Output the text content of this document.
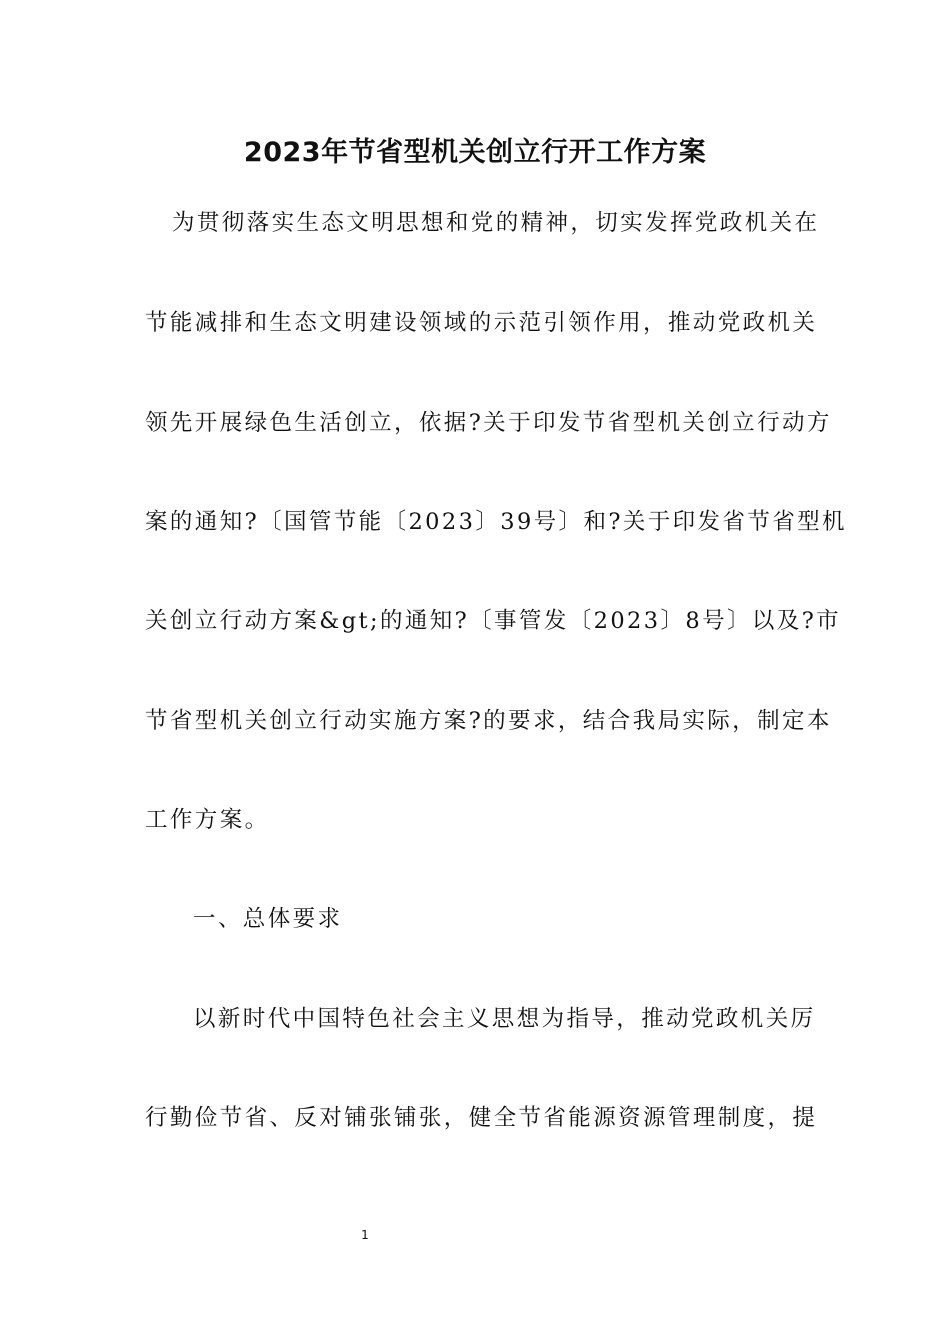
2023年节省型机关创立行开工作方案
为贯彻落实生态文明思想和党的精神，切实发挥党政机关在
节能减排和生态文明建设领域的示范引领作用，推动党政机关
领先开展绿色生活创立，依据?关于印发节省型机关创立行动方
案的通知?〔国管节能〔2023〕39号〕和?关于印发省节省型机
关创立行动方案&gt;的通知?〔事管发〔2023〕8号〕以及?市
节省型机关创立行动实施方案?的要求，结合我局实际，制定本
工作方案。
一、总体要求
以新时代中国特色社会主义思想为指导，推动党政机关厉
行勤俭节省、反对铺张铺张，健全节省能源资源管理制度，提
1
